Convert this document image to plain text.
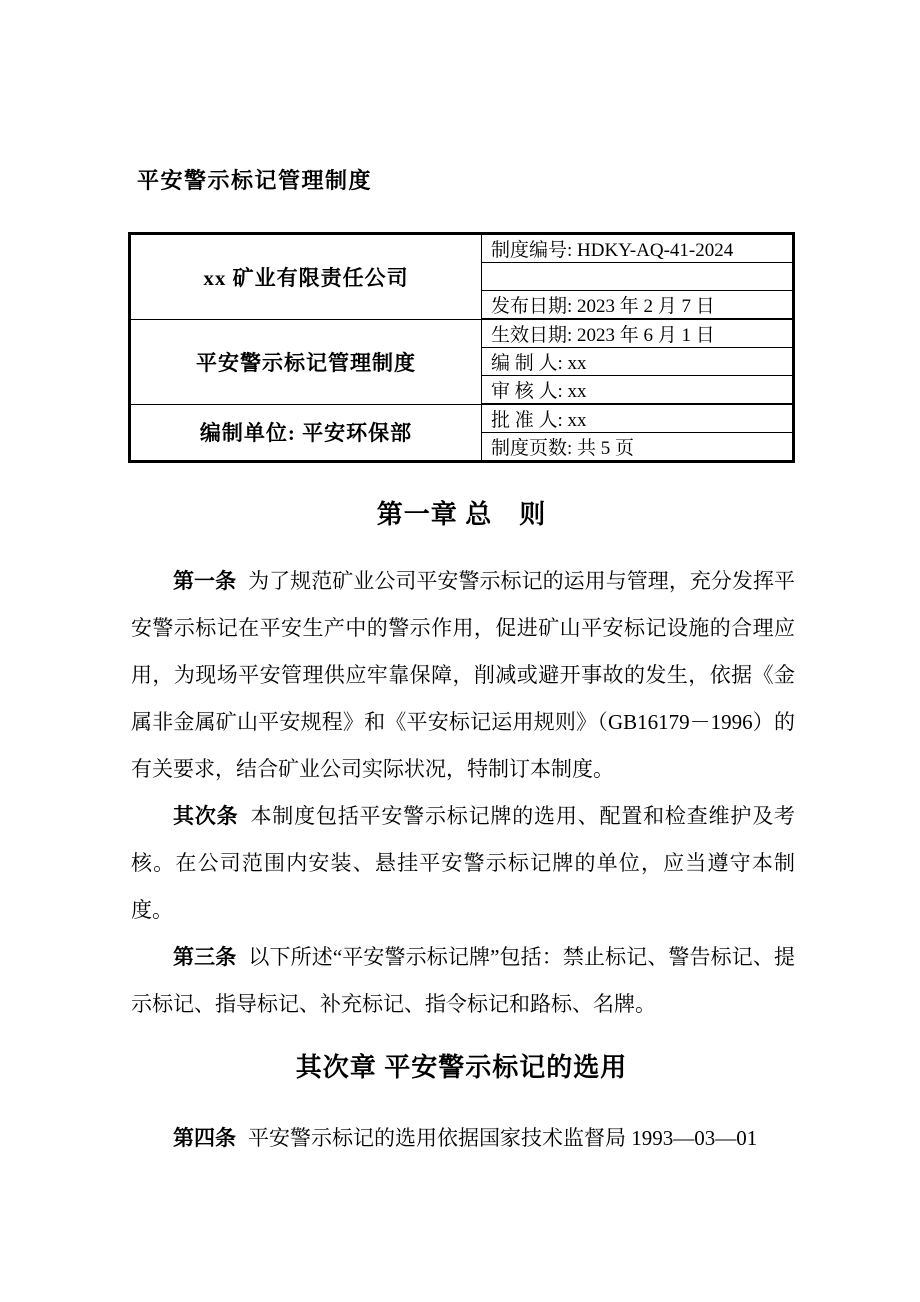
平安警示标记管理制度
xx 矿业有限责任公司	制度编号: HDKY-AQ-41-2024

	发布日期: 2023 年 2 月 7 日
平安警示标记管理制度	生效日期: 2023 年 6 月 1 日
	编 制 人: xx
	审 核 人: xx
编制单位: 平安环保部	批 准 人: xx
	制度页数: 共 5 页
第一章 总　则

第一条 为了规范矿业公司平安警示标记的运用与管理，充分发挥平安警示标记在平安生产中的警示作用，促进矿山平安标记设施的合理应用，为现场平安管理供应牢靠保障，削减或避开事故的发生，依据《金属非金属矿山平安规程》和《平安标记运用规则》（GB16179－1996）的有关要求，结合矿业公司实际状况，特制订本制度。

其次条 本制度包括平安警示标记牌的选用、配置和检查维护及考核。在公司范围内安装、悬挂平安警示标记牌的单位，应当遵守本制度。

第三条 以下所述“平安警示标记牌”包括：禁止标记、警告标记、提示标记、指导标记、补充标记、指令标记和路标、名牌。

其次章 平安警示标记的选用

第四条 平安警示标记的选用依据国家技术监督局 1993—03—01
